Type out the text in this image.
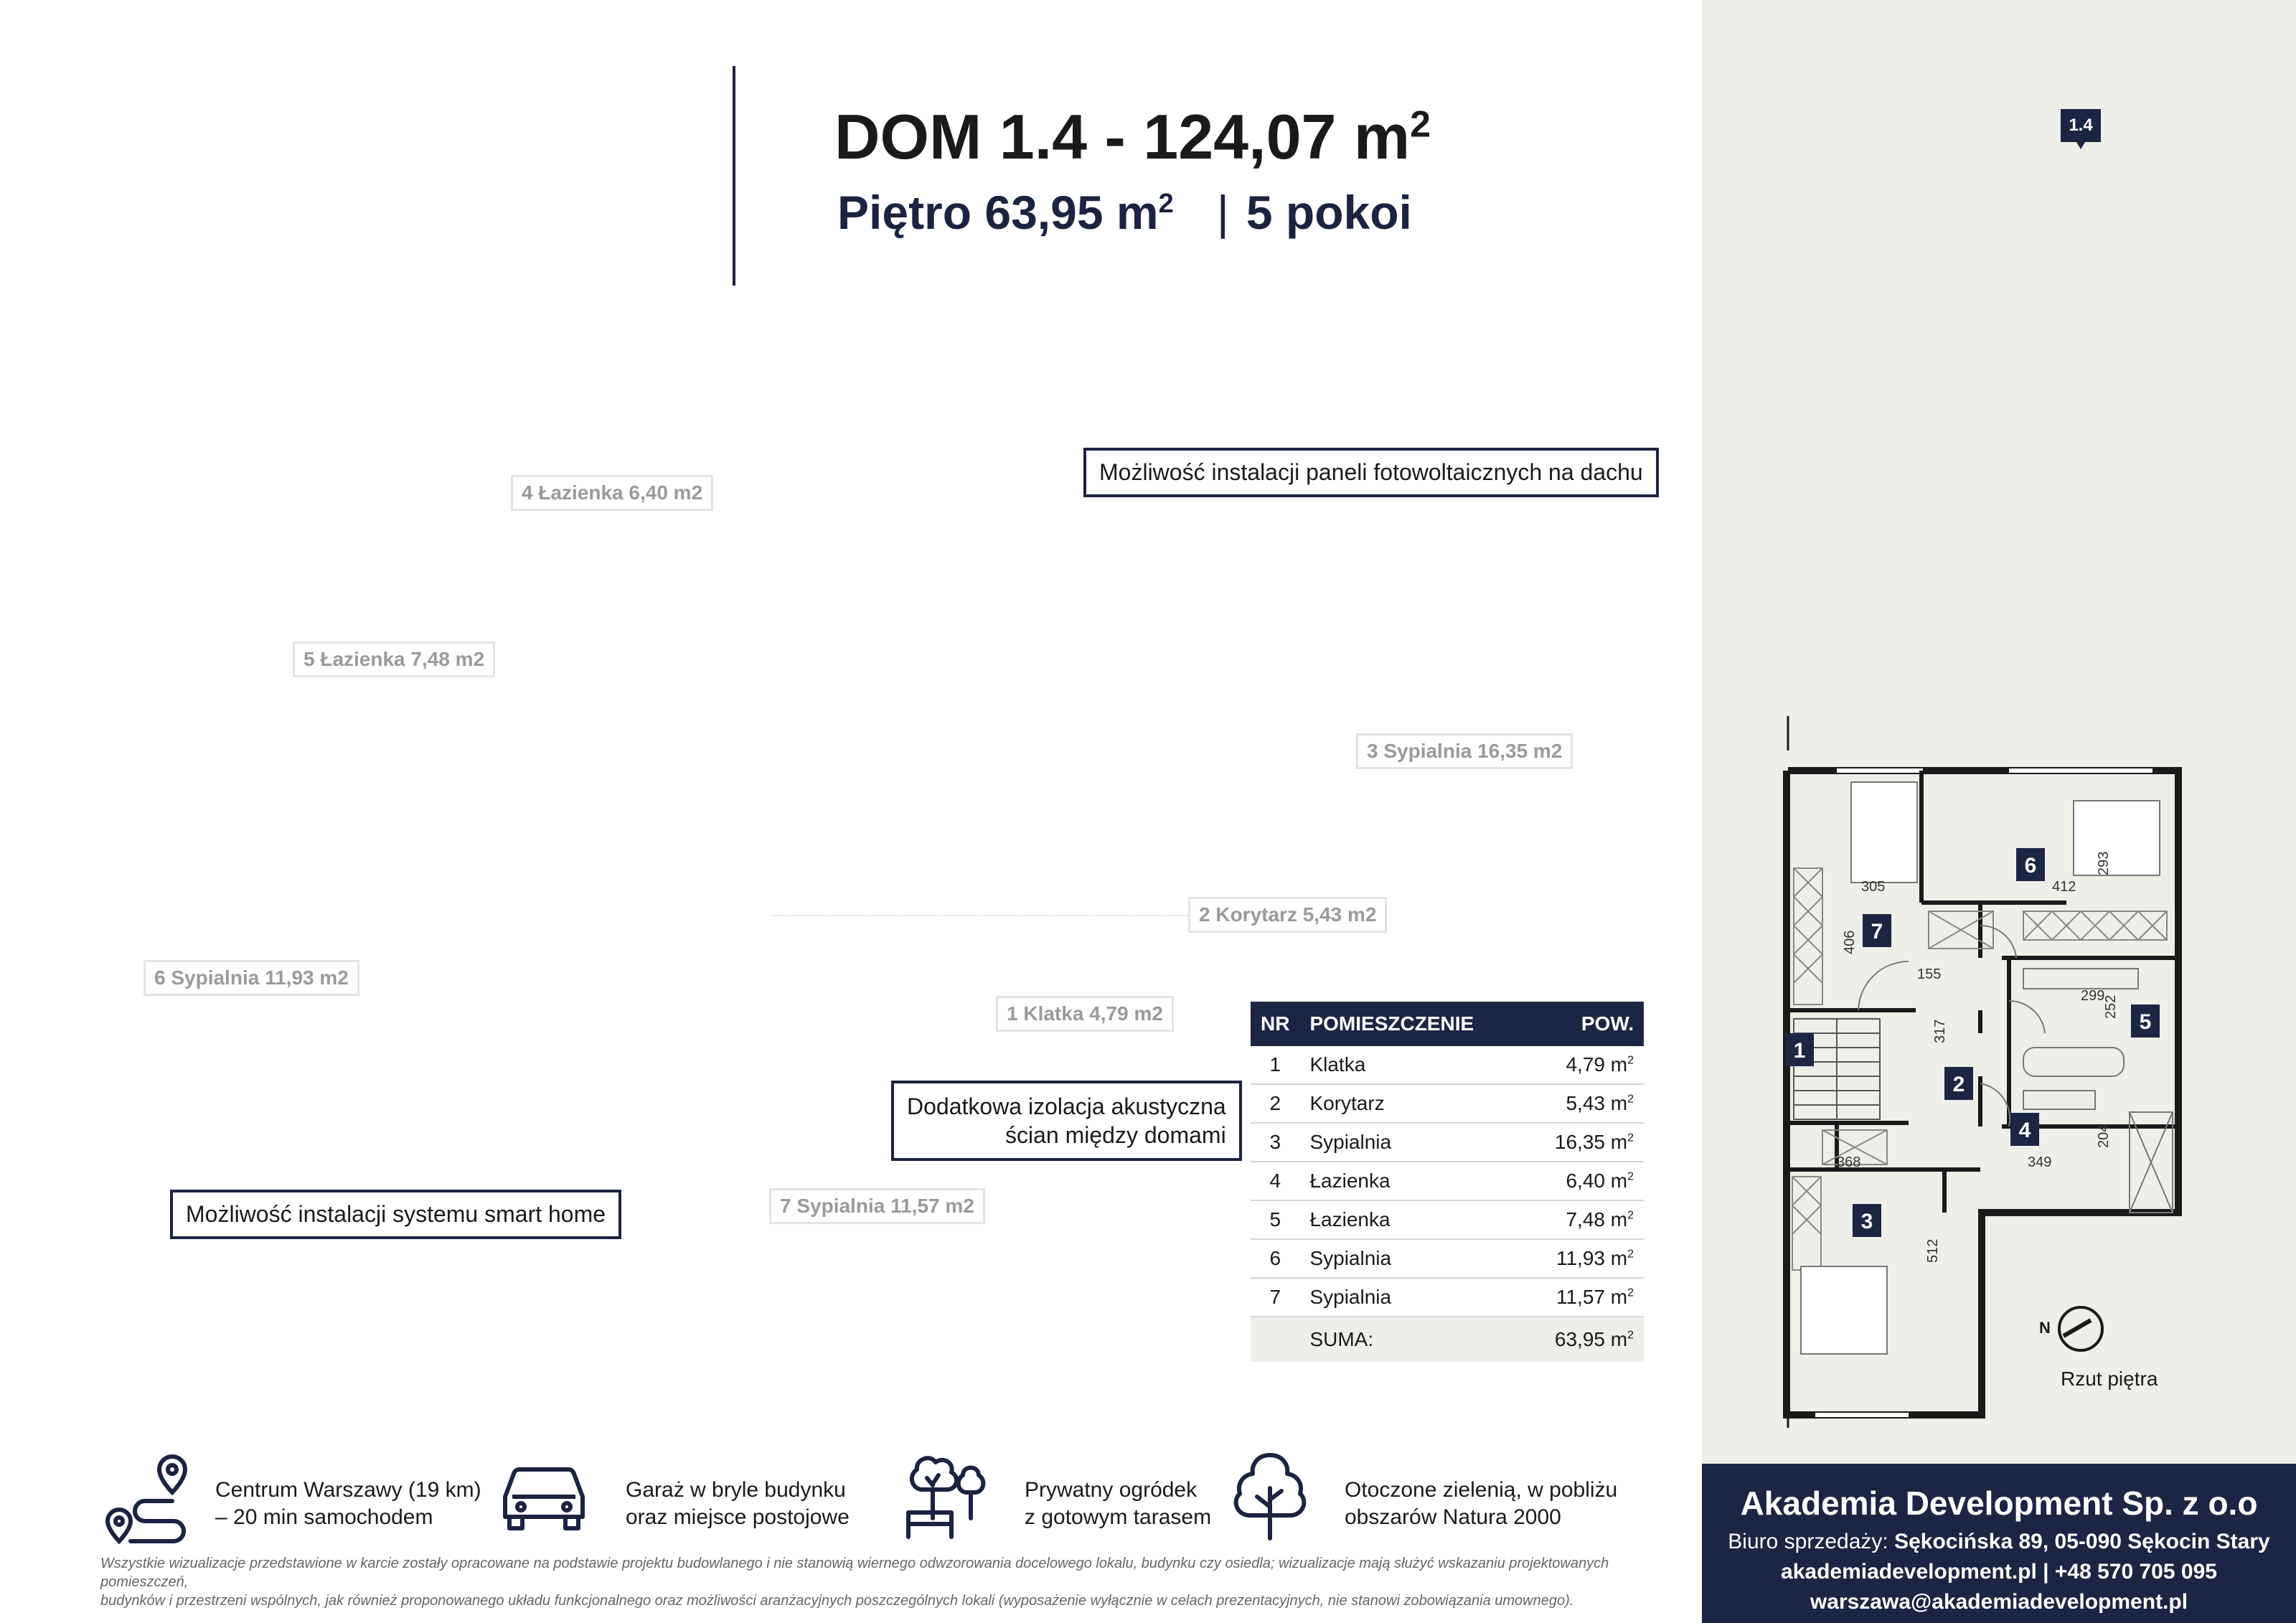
1.4
DOM 1.4 - 124,07 $m^2$
Piętro 63,95 $m^2$ | 5 pokoi
Możliwość instalacji paneli fotowoltaicznych na dachu
Dodatkowa izolacja akustyczna
ścian między domami
Możliwość instalacji systemu smart home
4 Łazienka 6,40 m2
5 Łazienka 7,48 m2
3 Sypialnia 16,35 m2
2 Korytarz 5,43 m2
6 Sypialnia 11,93 m2
1 Klatka 4,79 m2
7 Sypialnia 11,57 m2
NR	POMIESZCZENIE	POW.
1	Klatka	4,79 $m^2$
2	Korytarz	5,43 $m^2$
3	Sypialnia	16,35 $m^2$
4	Łazienka	6,40 $m^2$
5	Łazienka	7,48 $m^2$
6	Sypialnia	11,93 $m^2$
7	Sypialnia	11,57 $m^2$
	SUMA:	63,95 $m^2$
Centrum Warszawy (19 km)
– 20 min samochodem
Garaż w bryle budynku
oraz miejsce postojowe
Prywatny ogródek
z gotowym tarasem
Otoczone zielenią, w pobliżu
obszarów Natura 2000
Wszystkie wizualizacje przedstawione w karcie zostały opracowane na podstawie projektu budowlanego i nie stanowią wiernego odwzorowania docelowego lokalu, budynku czy osiedla; wizualizacje mają służyć wskazaniu projektowanych pomieszczeń,
budynków i przestrzeni wspólnych, jak również proponowanego układu funkcjonalnego oraz możliwości aranżacyjnych poszczególnych lokali (wyposażenie wyłącznie w celach prezentacyjnych, nie stanowi zobowiązania umownego).
1
2
3
4
5
6
7
305	412
293
406
155
299
252
317
204
368	349
512
N
Rzut piętra
Akademia Development Sp. z o.o
Biuro sprzedaży: Sękocińska 89, 05-090 Sękocin Stary
akademiadevelopment.pl | +48 570 705 095
warszawa@akademiadevelopment.pl
